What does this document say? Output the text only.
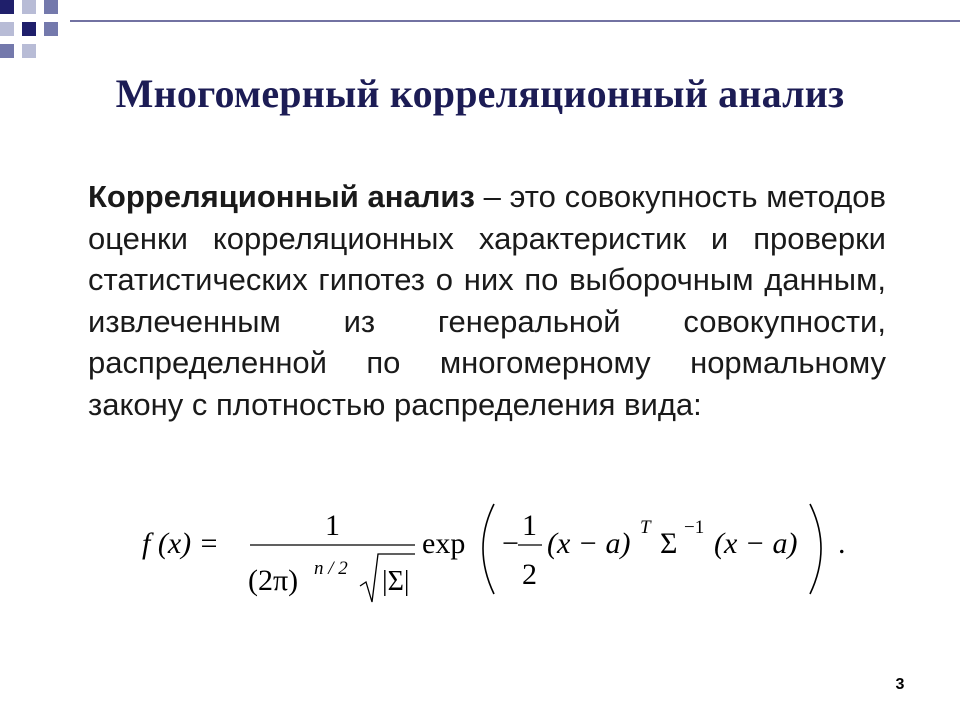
Многомерный корреляционный анализ
Корреляционный анализ – это совокупность методов оценки корреляционных характеристик и проверки статистических гипотез о них по выборочным данным, извлеченным из генеральной совокупности, распределенной по многомерному нормальному закону с плотностью распределения вида:
f (x) =
1
(2π) n / 2 |Σ|
exp −
1
2
(x − a) T Σ −1 (x − a) .
3
